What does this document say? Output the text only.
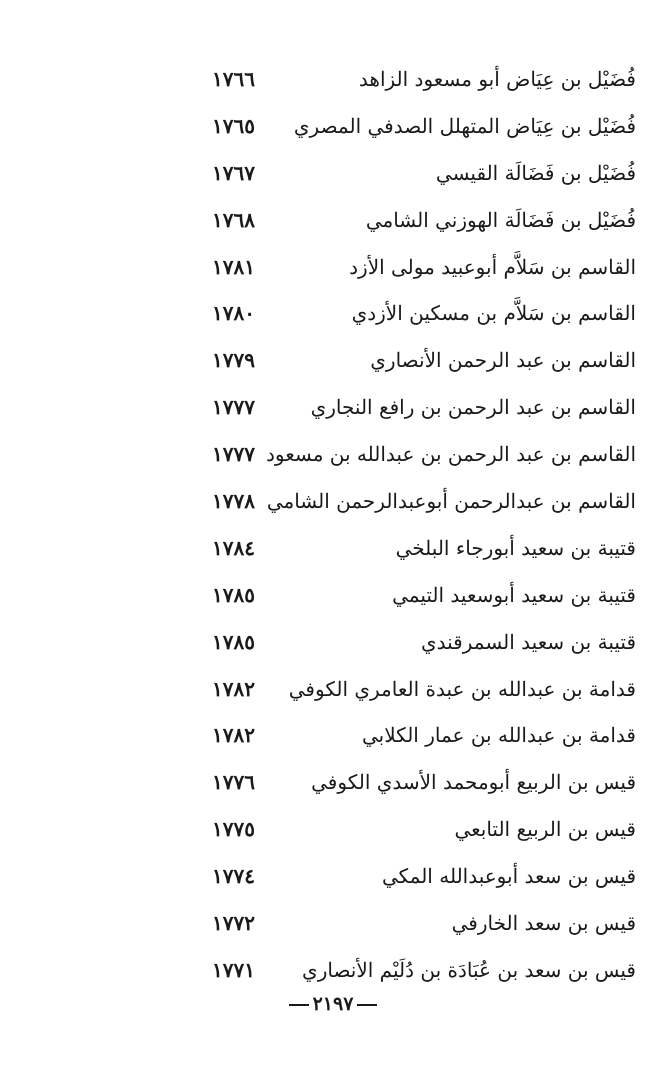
فُضَيْل بن عِيَاض أبو مسعود الزاهد
١٧٦٦
فُضَيْل بن عِيَاض المتهلل الصدفي المصري
١٧٦٥
فُضَيْل بن فَضَالَة القيسي
١٧٦٧
فُضَيْل بن فَضَالَة الهوزني الشامي
١٧٦٨
القاسم بن سَلاَّم أبوعبيد مولى الأزد
١٧٨١
القاسم بن سَلاَّم بن مسكين الأزدي
١٧٨٠
القاسم بن عبد الرحمن الأنصاري
١٧٧٩
القاسم بن عبد الرحمن بن رافع النجاري
١٧٧٧
القاسم بن عبد الرحمن بن عبدالله بن مسعود
١٧٧٧
القاسم بن عبدالرحمن أبوعبدالرحمن الشامي
١٧٧٨
قتيبة بن سعيد أبورجاء البلخي
١٧٨٤
قتيبة بن سعيد أبوسعيد التيمي
١٧٨٥
قتيبة بن سعيد السمرقندي
١٧٨٥
قدامة بن عبدالله بن عبدة العامري الكوفي
١٧٨٢
قدامة بن عبدالله بن عمار الكلابي
١٧٨٢
قيس بن الربيع أبومحمد الأسدي الكوفي
١٧٧٦
قيس بن الربيع التابعي
١٧٧٥
قيس بن سعد أبوعبدالله المكي
١٧٧٤
قيس بن سعد الخارفي
١٧٧٢
قيس بن سعد بن عُبَادَة بن دُلَيْم الأنصاري
١٧٧١
٢١٩٧
